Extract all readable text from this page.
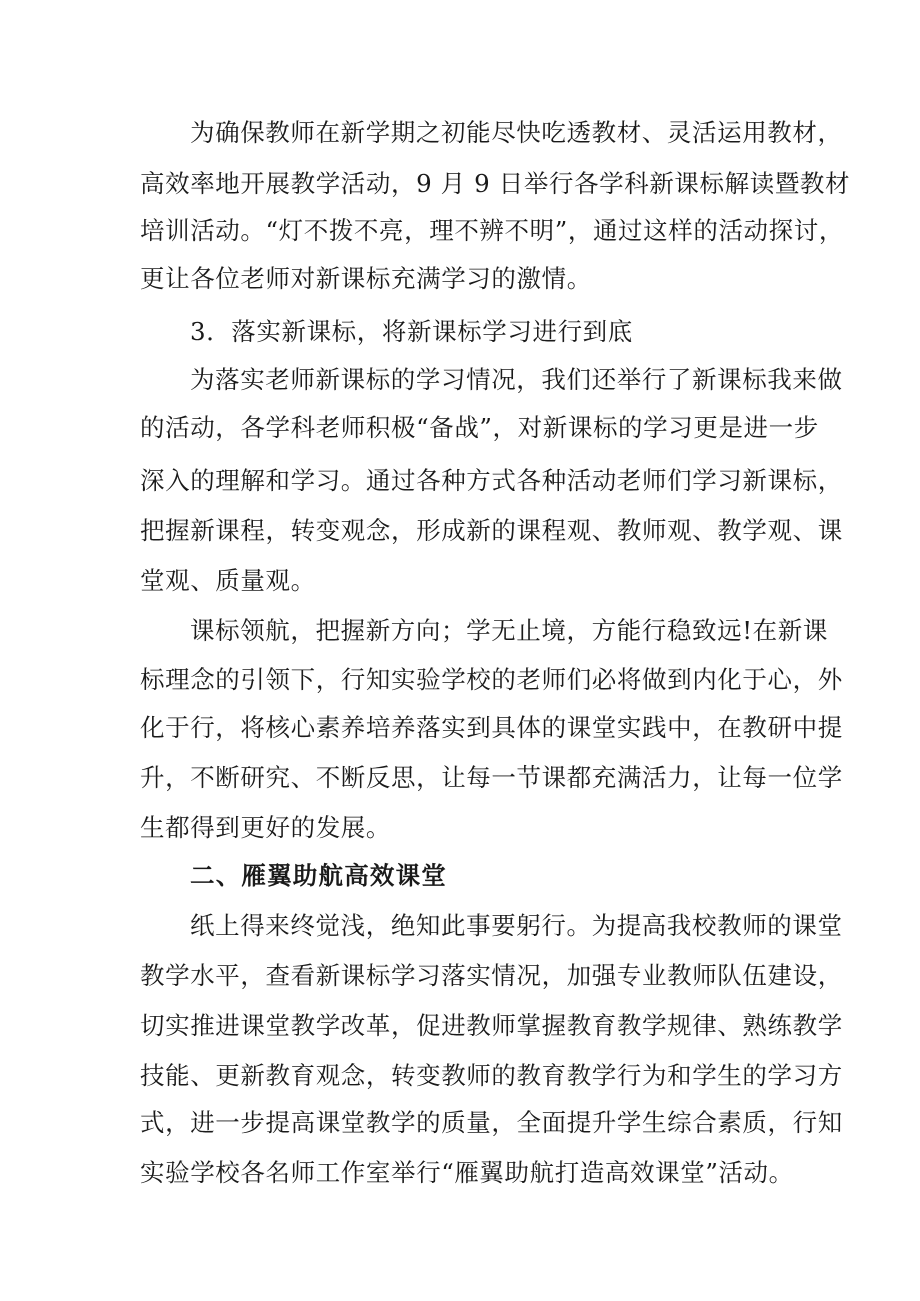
为确保教师在新学期之初能尽快吃透教材、灵活运用教材，
高效率地开展教学活动，9 月 9 日举行各学科新课标解读暨教材
培训活动。“灯不拨不亮，理不辨不明”，通过这样的活动探讨，
更让各位老师对新课标充满学习的激情。
3．落实新课标，将新课标学习进行到底
为落实老师新课标的学习情况，我们还举行了新课标我来做
的活动，各学科老师积极“备战”，对新课标的学习更是进一步
深入的理解和学习。通过各种方式各种活动老师们学习新课标，
把握新课程，转变观念，形成新的课程观、教师观、教学观、课
堂观、质量观。
课标领航，把握新方向；学无止境，方能行稳致远!在新课
标理念的引领下，行知实验学校的老师们必将做到内化于心，外
化于行，将核心素养培养落实到具体的课堂实践中，在教研中提
升，不断研究、不断反思，让每一节课都充满活力，让每一位学
生都得到更好的发展。
二、雁翼助航高效课堂
纸上得来终觉浅，绝知此事要躬行。为提高我校教师的课堂
教学水平，查看新课标学习落实情况，加强专业教师队伍建设，
切实推进课堂教学改革，促进教师掌握教育教学规律、熟练教学
技能、更新教育观念，转变教师的教育教学行为和学生的学习方
式，进一步提高课堂教学的质量，全面提升学生综合素质，行知
实验学校各名师工作室举行“雁翼助航打造高效课堂”活动。
